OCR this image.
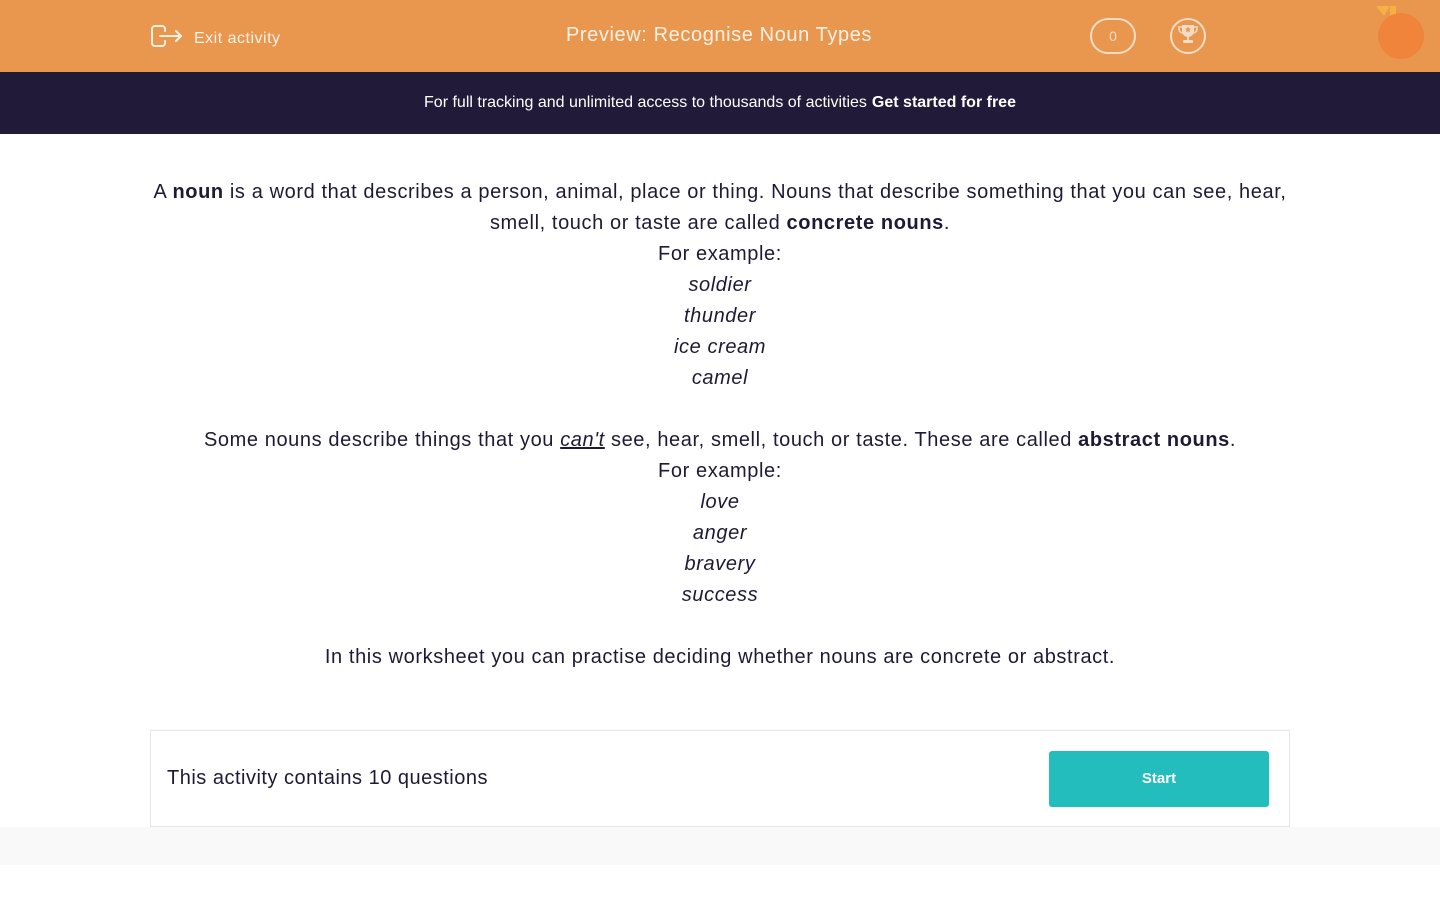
Exit activity	Preview: Recognise Noun Types	0
For full tracking and unlimited access to thousands of activities Get started for free

A noun is a word that describes a person, animal, place or thing. Nouns that describe something that you can see, hear, smell, touch or taste are called concrete nouns.

For example:

soldier

thunder

ice cream

camel

Some nouns describe things that you can't see, hear, smell, touch or taste. These are called abstract nouns.

For example:

love

anger

bravery

success

In this worksheet you can practise deciding whether nouns are concrete or abstract.

This activity contains 10 questions	Start
